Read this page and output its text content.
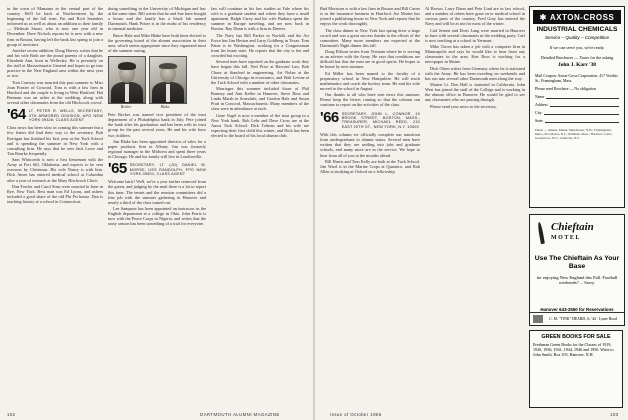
in the town of Manzana in the central part of the country. He'll be back at Northwestern by the beginning of the fall term. Pat and Rich Saunders informed us as well as about an addition to their family — Melinda Stuart, who is now one year old in December. Dave Nichols reports he is now with a new firm in Boston, having left the bank last spring to join a group of investors.

Another recent addition: Doug Harvey writes that he and his wife Ruth are the proud parents of a daughter, Elizabeth Ann, born in Wellesley. He is presently on the staff at Massachusetts General and hopes to go into practice in the New England area within the next year or two.

Tom Conway was married this past summer to Miss Joan Frazier of Concord. Tom is with a law firm in Hartford and the couple is living in West Hartford. Hal Brennan was an usher at the wedding, along with several other classmates from the old Hitchcock crowd.

'64 LT. PETER R. WELLS, SECRETARY, 4TH ARMORED DIVISION, APO NEW YORK 09326; CLASS AGENT

Class news has been slow in coming this summer but a few letters did find their way to the secretary. Bob Kerrigan has finished his first year at the Tuck School and is spending the summer in New York with a consulting firm. He says that he sees Jack Lowe and Tim Rourke frequently.

Sam Whitcomb is now a first lieutenant with the Army at Fort Sill, Oklahoma, and expects to be sent overseas by Christmas. His wife Nancy is with him. Dick Ames has entered medical school at Columbia after a year of research at the Mary Hitchcock Clinic.

Dan Fowler and Carol Sims were married in June in Rye, New York. Best man was Ed Lyons, and ushers included a good share of the old Phi Psi house. Dan is teaching history at a school in Connecticut.

doing something in the University of Michigan and law at the same time. Bill writes that he and Sue have bought a house and the family has a black lab named Dartmouth. Hank Potter is in the midst of his residency in internal medicine.

Bruce Hale and Mike Blake have both been elected to the governing board of the alumni association in their area, which seems appropriate since they organized most of the summer outing.

Becker	Blake

Pete Becker was named vice president of the trust department of a Philadelphia bank in July. Pete joined the bank after his graduation and has been with its trust group for the past several years. He and his wife have two children.

Jim Blake has been appointed director of sales for a paper products firm in Albany. Jim was formerly regional manager in the Midwest and spent three years in Chicago. He and his family will live in Loudonville.

'65 SECRETARY, LT. (JG) DANIEL W. MORSE, USS RANDOLPH, FPO NEW YORK 09501; CLASS AGENT

Welcome back! Well, we're a year farther removed from the green, and judging by the mail there is a lot to report this time. The tennis and the reunion committees did a fine job with the summer gathering in Hanover and nearly a third of the class turned out.

Lee Sampson has been appointed an instructor in the English department at a college in Ohio. John Ferris is now with the Peace Corps in Nigeria, and writes that the rainy season has been something of a trial for everyone.

law will continue in his law studies at Yale where his wife is a graduate student and where they have a small apartment. Ralph Carey and his wife Barbara spent the summer in Europe traveling, and are now back in Boston. Ray Dunn is with a firm in Denver.

The Navy has Bill Parker in Norfolk and the Air Force has Jim Heston and Larry Goldberg in Texas. Tom Paine is in Washington, working for a Congressman from his home state. He reports that the city is hot and crowded but exciting.

Several men have reported on the graduate work they have begun this fall: Ned Price at Harvard Law, Bob Chase at Stanford in engineering, Art Nolan at the University of Chicago in economics, and Walt Levine at the Tuck School with a number of other classmates.

Marriages this summer included those of Phil Ramsey and Ann Keller in Hanover, Steve Ross and Linda Marsh in Scarsdale, and Gordon Hale and Susan Pratt in Concord, Massachusetts. Many members of the class were in attendance at each.

Gene Vogel is now a member of the trust group in a New York bank. Bob Lehr and Dave Cross are at the Amos Tuck School. Dick Tolman and his wife are expecting their first child this winter, and Dick has been elected to the board of his local alumni club.

Bud Morrison is with a law firm in Boston and Bill Carter is in the insurance business in Hartford. Joe Martin has joined a publishing house in New York and reports that he enjoys the work thoroughly.

The class dinner in New York last spring drew a large crowd and was a great success thanks to the efforts of the committee. Many more members are expected at the Dartmouth Night dinner this fall.

Doug Ellison writes from Vietnam where he is serving as an adviser with the Army. He says that conditions are difficult but that the men are in good spirits. He hopes to be home by next summer.

Ed Miller has been named to the faculty of a preparatory school in New Hampshire. He will teach mathematics and coach the hockey team. He and his wife moved to the school in August.

Our thanks to all who have sent news this summer. Please keep the letters coming so that the column can continue to report on the activities of the class.

'66 SECRETARY, JOHN L. CONNOR, 19 BROOK STREET, BOSTON, MASS.; TREASURER, MICHAEL REED, 210 EAST 20TH ST., NEW YORK, N.Y. 10003

With this column we officially complete our transition from undergraduate to alumni status. Several men have written that they are settling into jobs and graduate schools, and many more are in the service. We hope to hear from all of you in the months ahead.

Bill Harris and Tom Kelly are both at the Tuck School. Jim Ward is in the Marine Corps at Quantico, and Bob Allen is studying at Oxford on a fellowship.

Al Brown, Larry Dunn and Pete Lind are in law school, and a number of others have gone on to medical school in various parts of the country. Fred Gray has entered the Navy and will be at sea for most of the winter.

Carl Jensen and Doris Lang were married in Hanover in June with several classmates in the wedding party. Carl is now teaching at a school in Vermont.

Mike Torres has taken a job with a computer firm in Minneapolis and says he would like to hear from any classmates in the area. Ken Ross is working for a newspaper in Maine.

Dick Olsen writes from Germany where he is stationed with the Army. He has been traveling on weekends and has run into several other Dartmouth men along the way.

Marine Lt. Don Hall is stationed in California. John West has joined the staff of the College and is working in the alumni office in Hanover. He would be glad to see any classmates who are passing through.

Please send your news to the secretary.

✱ AXTON-CROSS
INDUSTRIAL CHEMICALS
Service – Quality – Competitive
If we can serve you, we're ready.
Detailed Brochures — Yours for the asking
John J. Karr '38
Mail Coupon: Axton-Cross Corporation, 417 Voorhis St., Framingham, Mass.
Please send Brochure — No obligation
Name
Address
City
State
Plants — Athens, Maine; Manchester, N.H.; Framingham, Mass.; Providence, R.I.; Waltham, Mass.; Hartford, Conn.; Greensboro, N.C.; Charlotte, N.C.
Chieftain
MOTEL
Use The Chieftain As Your Base
for enjoying New England this Fall. Football weekends? ... Sorry.
Hanover 643-2550 for Reservations
C. M. "TINK" HEARD, Jr. '44 · Lyme Road
GREEN BOOKS FOR SALE
Freshman Green Books for the Classes of 1919, 1920, 1936, 1941, 1944, 1946 and 1950. Write to John Smith, Box 103, Hanover, N.H.
102	DARTMOUTH ALUMNI MAGAZINE	Issue of October 1966	103
